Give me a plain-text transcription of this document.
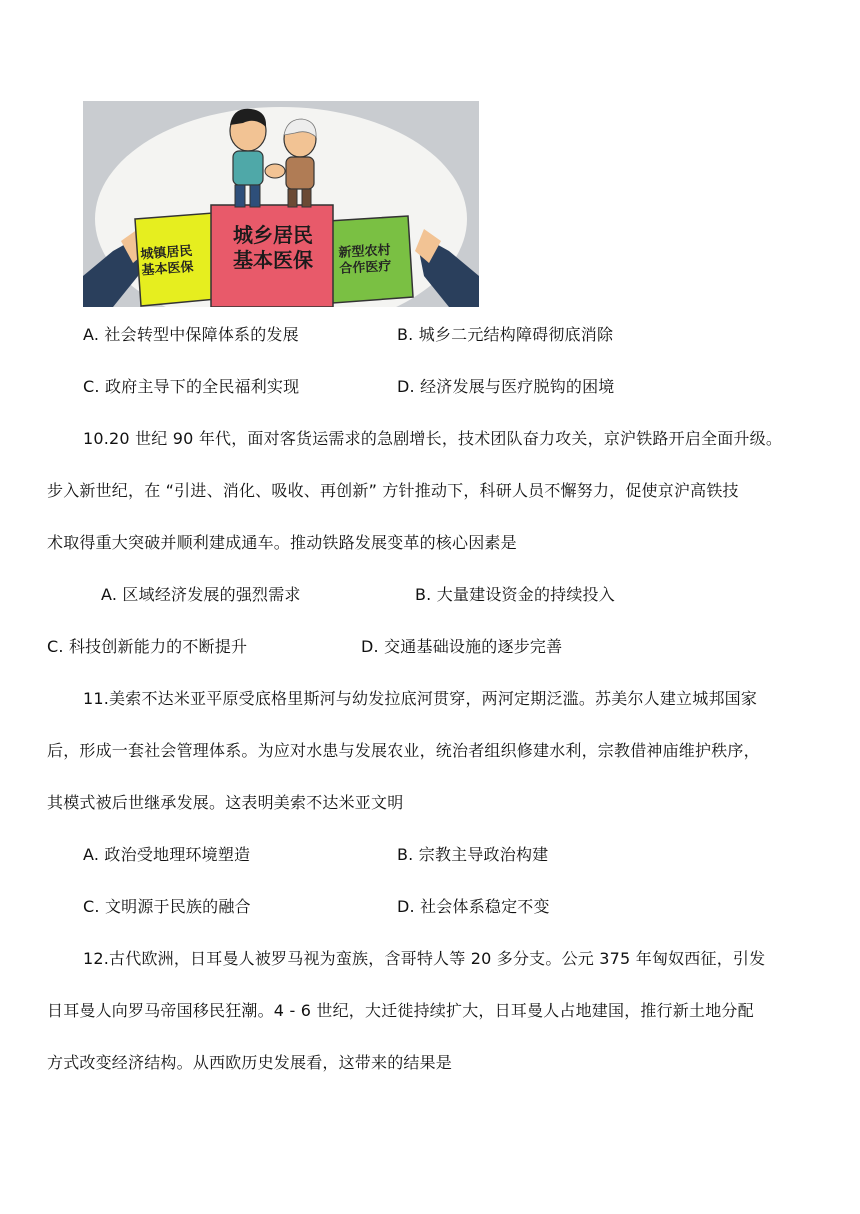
城镇居民
基本医保
城乡居民
基本医保	新型农村
合作医疗
A. 社会转型中保障体系的发展	B. 城乡二元结构障碍彻底消除
C. 政府主导下的全民福利实现	D. 经济发展与医疗脱钩的困境
10.20 世纪 90 年代，面对客货运需求的急剧增长，技术团队奋力攻关，京沪铁路开启全面升级。
步入新世纪，在 “引进、消化、吸收、再创新” 方针推动下，科研人员不懈努力，促使京沪高铁技
术取得重大突破并顺利建成通车。推动铁路发展变革的核心因素是
A. 区域经济发展的强烈需求	B. 大量建设资金的持续投入
C. 科技创新能力的不断提升	D. 交通基础设施的逐步完善
11.美索不达米亚平原受底格里斯河与幼发拉底河贯穿，两河定期泛滥。苏美尔人建立城邦国家
后，形成一套社会管理体系。为应对水患与发展农业，统治者组织修建水利，宗教借神庙维护秩序，
其模式被后世继承发展。这表明美索不达米亚文明
A. 政治受地理环境塑造	B. 宗教主导政治构建
C. 文明源于民族的融合	D. 社会体系稳定不变
12.古代欧洲，日耳曼人被罗马视为蛮族，含哥特人等 20 多分支。公元 375 年匈奴西征，引发
日耳曼人向罗马帝国移民狂潮。4 - 6 世纪，大迁徙持续扩大，日耳曼人占地建国，推行新土地分配
方式改变经济结构。从西欧历史发展看，这带来的结果是
